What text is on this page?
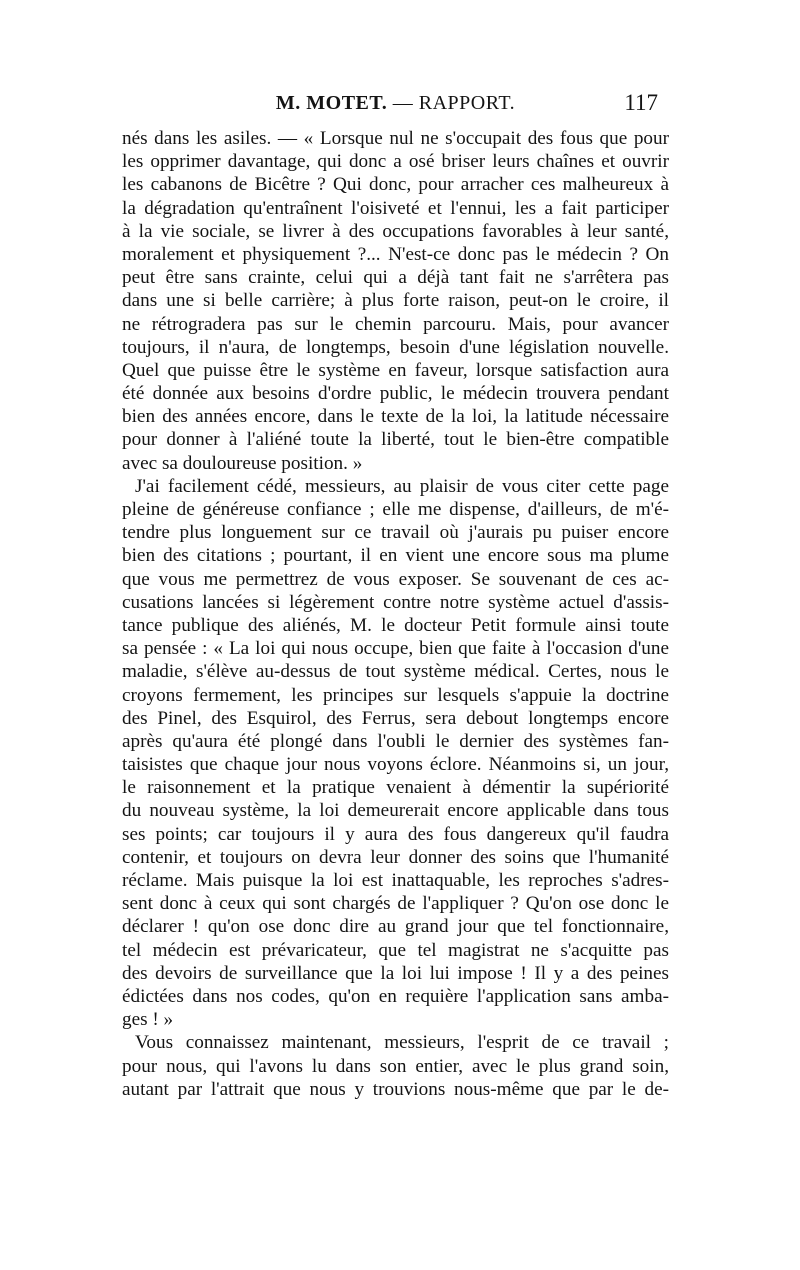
M. MOTET. — RAPPORT.	117
nés dans les asiles. — « Lorsque nul ne s'occupait des fous que pour
les opprimer davantage, qui donc a osé briser leurs chaînes et ouvrir
les cabanons de Bicêtre ? Qui donc, pour arracher ces malheureux à
la dégradation qu'entraînent l'oisiveté et l'ennui, les a fait participer
à la vie sociale, se livrer à des occupations favorables à leur santé,
moralement et physiquement ?... N'est-ce donc pas le médecin ? On
peut être sans crainte, celui qui a déjà tant fait ne s'arrêtera pas
dans une si belle carrière; à plus forte raison, peut-on le croire, il
ne rétrogradera pas sur le chemin parcouru. Mais, pour avancer
toujours, il n'aura, de longtemps, besoin d'une législation nouvelle.
Quel que puisse être le système en faveur, lorsque satisfaction aura
été donnée aux besoins d'ordre public, le médecin trouvera pendant
bien des années encore, dans le texte de la loi, la latitude nécessaire
pour donner à l'aliéné toute la liberté, tout le bien-être compatible
avec sa douloureuse position. »
J'ai facilement cédé, messieurs, au plaisir de vous citer cette page
pleine de généreuse confiance ; elle me dispense, d'ailleurs, de m'é-
tendre plus longuement sur ce travail où j'aurais pu puiser encore
bien des citations ; pourtant, il en vient une encore sous ma plume
que vous me permettrez de vous exposer. Se souvenant de ces ac-
cusations lancées si légèrement contre notre système actuel d'assis-
tance publique des aliénés, M. le docteur Petit formule ainsi toute
sa pensée : « La loi qui nous occupe, bien que faite à l'occasion d'une
maladie, s'élève au-dessus de tout système médical. Certes, nous le
croyons fermement, les principes sur lesquels s'appuie la doctrine
des Pinel, des Esquirol, des Ferrus, sera debout longtemps encore
après qu'aura été plongé dans l'oubli le dernier des systèmes fan-
taisistes que chaque jour nous voyons éclore. Néanmoins si, un jour,
le raisonnement et la pratique venaient à démentir la supériorité
du nouveau système, la loi demeurerait encore applicable dans tous
ses points; car toujours il y aura des fous dangereux qu'il faudra
contenir, et toujours on devra leur donner des soins que l'humanité
réclame. Mais puisque la loi est inattaquable, les reproches s'adres-
sent donc à ceux qui sont chargés de l'appliquer ? Qu'on ose donc le
déclarer ! qu'on ose donc dire au grand jour que tel fonctionnaire,
tel médecin est prévaricateur, que tel magistrat ne s'acquitte pas
des devoirs de surveillance que la loi lui impose ! Il y a des peines
édictées dans nos codes, qu'on en requière l'application sans amba-
ges ! »
Vous connaissez maintenant, messieurs, l'esprit de ce travail ;
pour nous, qui l'avons lu dans son entier, avec le plus grand soin,
autant par l'attrait que nous y trouvions nous-même que par le de-
